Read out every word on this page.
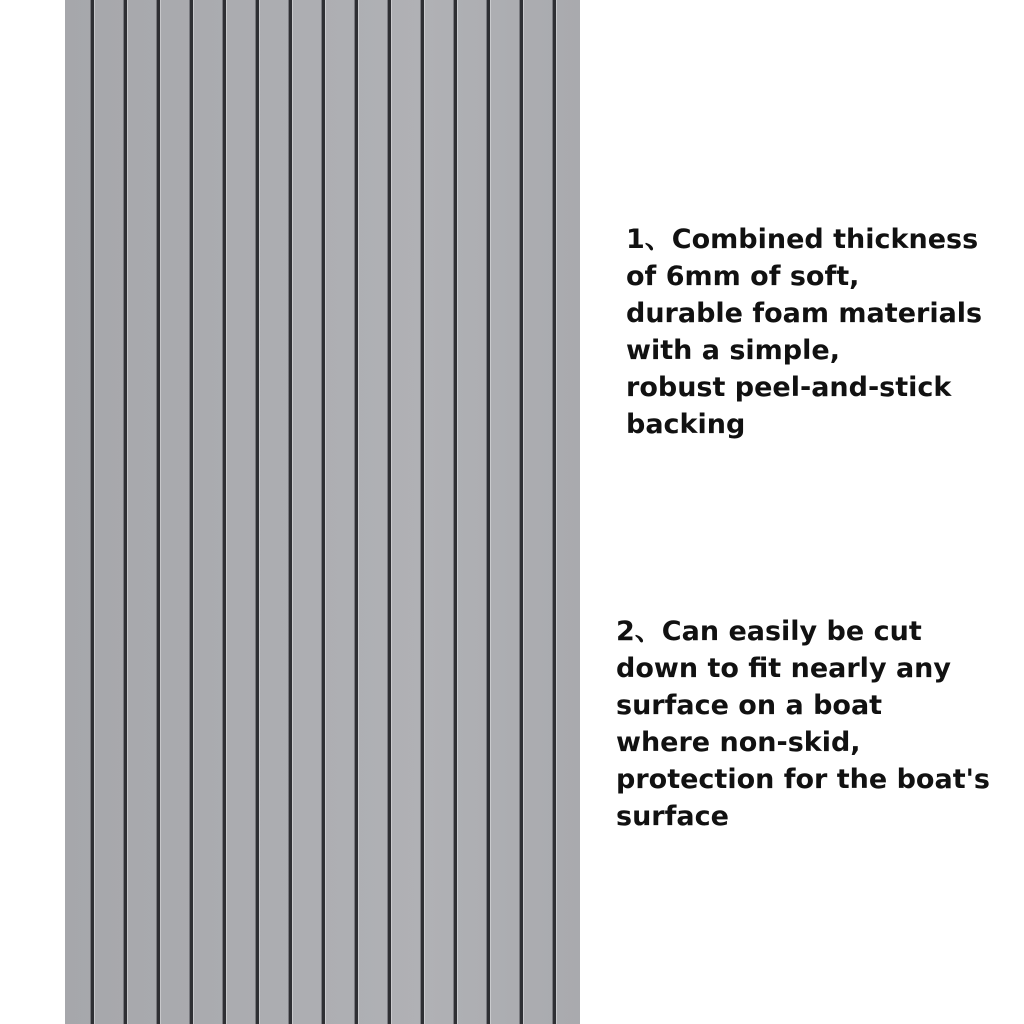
1、Combined thickness
of 6mm of soft,
durable foam materials
with a simple,
robust peel-and-stick
backing
2、Can easily be cut
down to fit nearly any
surface on a boat
where non-skid,
protection for the boat's
surface
